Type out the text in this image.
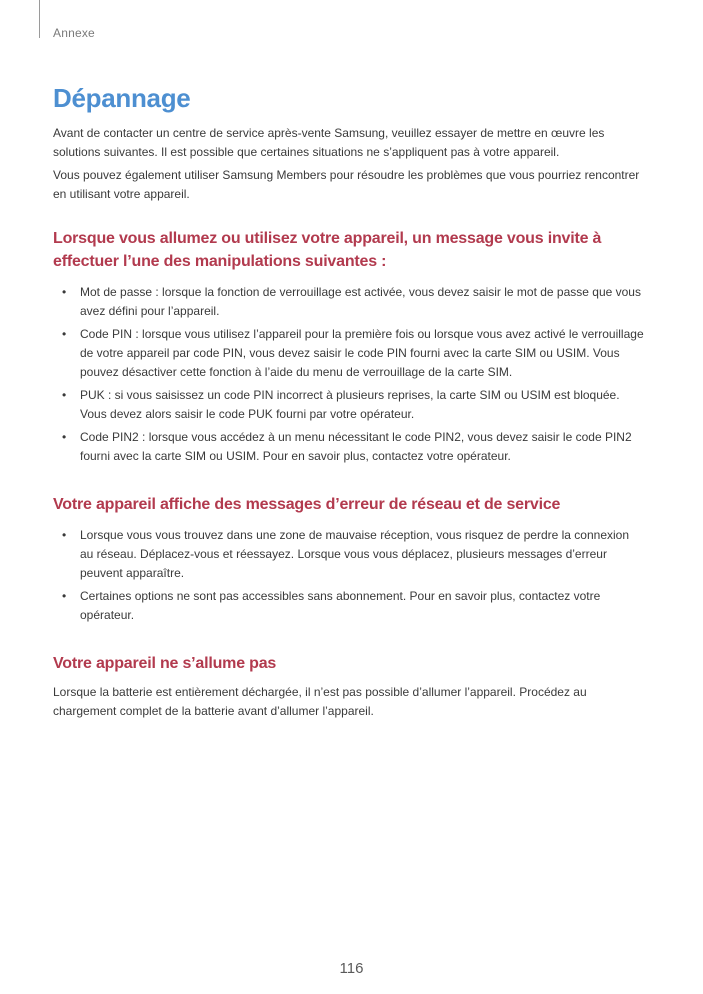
Annexe
Dépannage

Avant de contacter un centre de service après-vente Samsung, veuillez essayer de mettre en œuvre les solutions suivantes. Il est possible que certaines situations ne s’appliquent pas à votre appareil.

Vous pouvez également utiliser Samsung Members pour résoudre les problèmes que vous pourriez rencontrer en utilisant votre appareil.

Lorsque vous allumez ou utilisez votre appareil, un message vous invite à effectuer l’une des manipulations suivantes :
• Mot de passe : lorsque la fonction de verrouillage est activée, vous devez saisir le mot de passe que vous avez défini pour l’appareil.
• Code PIN : lorsque vous utilisez l’appareil pour la première fois ou lorsque vous avez activé le verrouillage de votre appareil par code PIN, vous devez saisir le code PIN fourni avec la carte SIM ou USIM. Vous pouvez désactiver cette fonction à l’aide du menu de verrouillage de la carte SIM.
• PUK : si vous saisissez un code PIN incorrect à plusieurs reprises, la carte SIM ou USIM est bloquée. Vous devez alors saisir le code PUK fourni par votre opérateur.
• Code PIN2 : lorsque vous accédez à un menu nécessitant le code PIN2, vous devez saisir le code PIN2 fourni avec la carte SIM ou USIM. Pour en savoir plus, contactez votre opérateur.
Votre appareil affiche des messages d’erreur de réseau et de service
• Lorsque vous vous trouvez dans une zone de mauvaise réception, vous risquez de perdre la connexion au réseau. Déplacez-vous et réessayez. Lorsque vous vous déplacez, plusieurs messages d’erreur peuvent apparaître.
• Certaines options ne sont pas accessibles sans abonnement. Pour en savoir plus, contactez votre opérateur.
Votre appareil ne s’allume pas

Lorsque la batterie est entièrement déchargée, il n’est pas possible d’allumer l’appareil. Procédez au chargement complet de la batterie avant d’allumer l’appareil.

116
